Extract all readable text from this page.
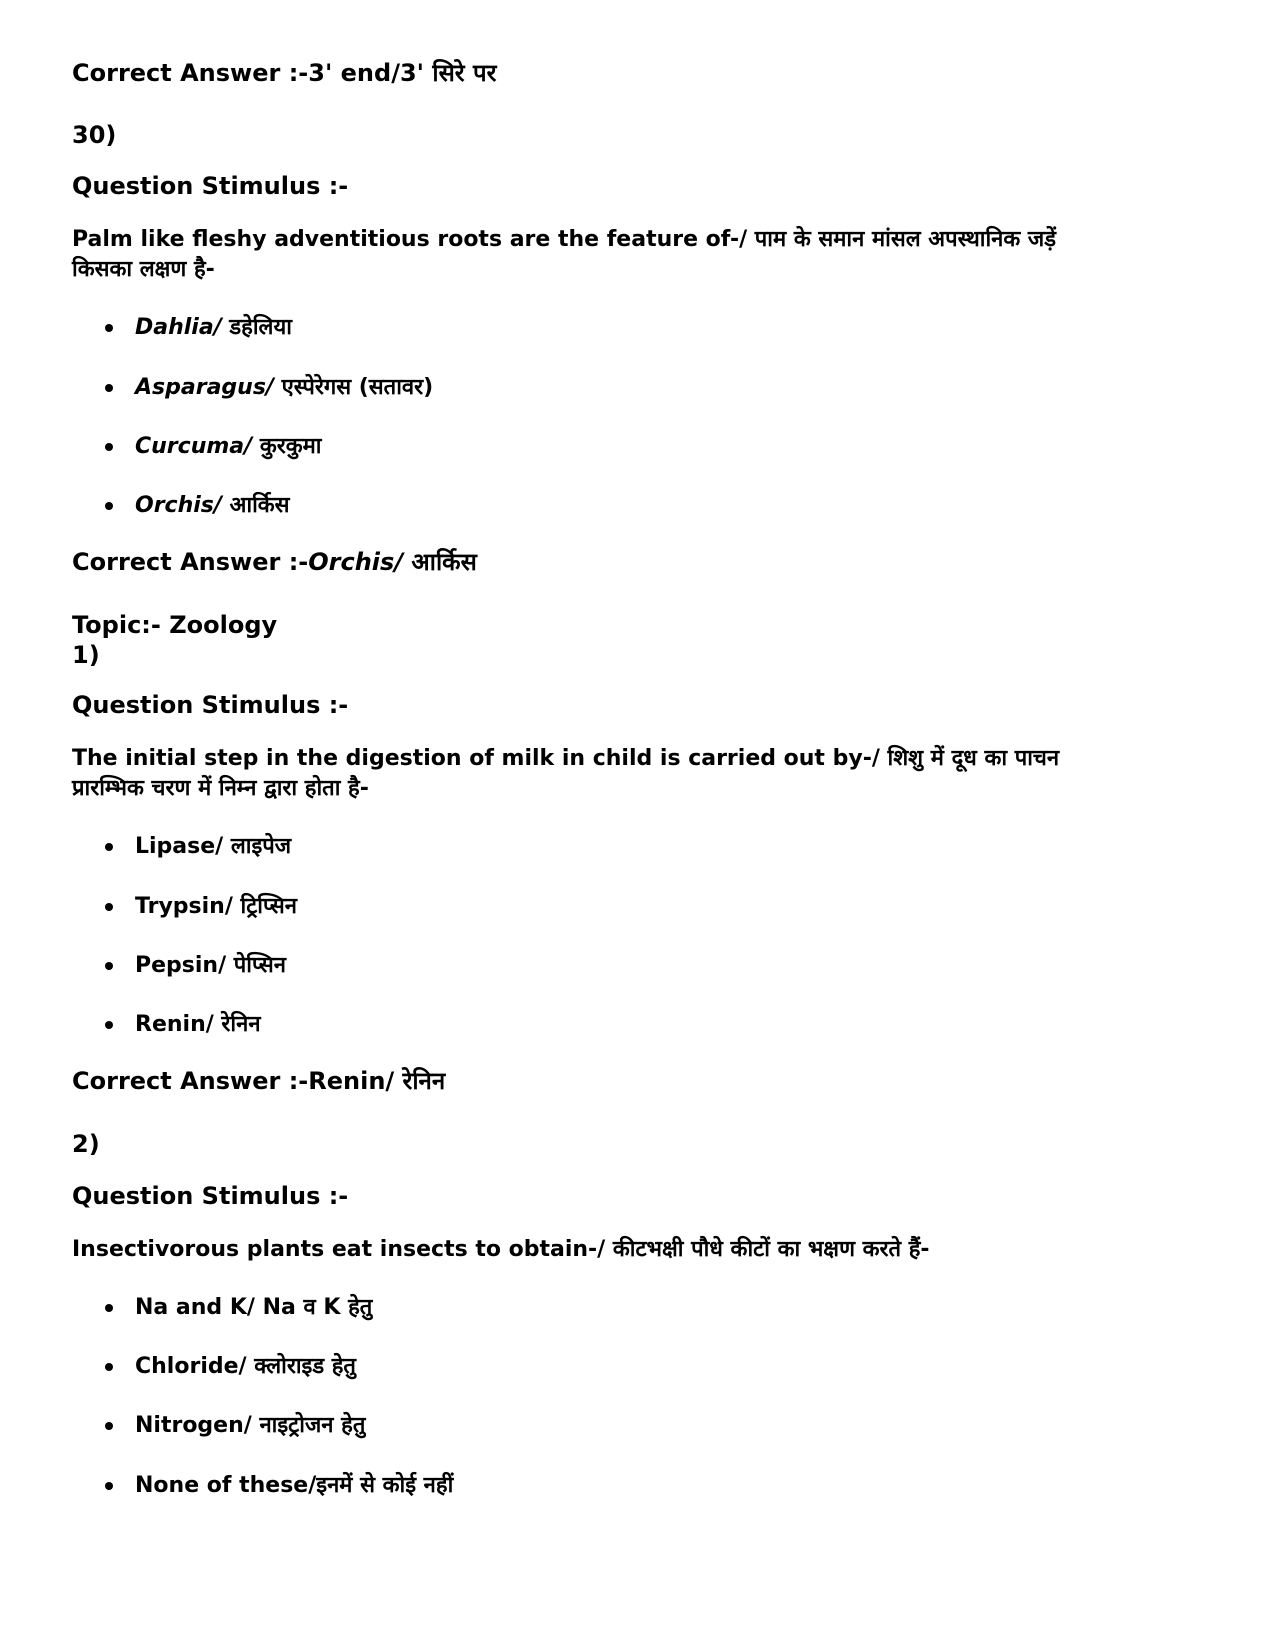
Correct Answer :-3' end/3' सिरे पर
30)
Question Stimulus :-
Palm like fleshy adventitious roots are the feature of-/ पाम के समान मांसल अपस्थानिक जड़ें
किसका लक्षण है-
Dahlia/ डहेलिया
Asparagus/ एस्पेरेगस (सतावर)
Curcuma/ कुरकुमा
Orchis/ आर्किस
Correct Answer :-Orchis/ आर्किस
Topic:- Zoology
1)
Question Stimulus :-
The initial step in the digestion of milk in child is carried out by-/ शिशु में दूध का पाचन
प्रारम्भिक चरण में निम्न द्वारा होता है-
Lipase/ लाइपेज
Trypsin/ ट्रिप्सिन
Pepsin/ पेप्सिन
Renin/ रेनिन
Correct Answer :-Renin/ रेनिन
2)
Question Stimulus :-
Insectivorous plants eat insects to obtain-/ कीटभक्षी पौधे कीटों का भक्षण करते हैं-
Na and K/ Na व K हेतु
Chloride/ क्लोराइड हेतु
Nitrogen/ नाइट्रोजन हेतु
None of these/इनमें से कोई नहीं
